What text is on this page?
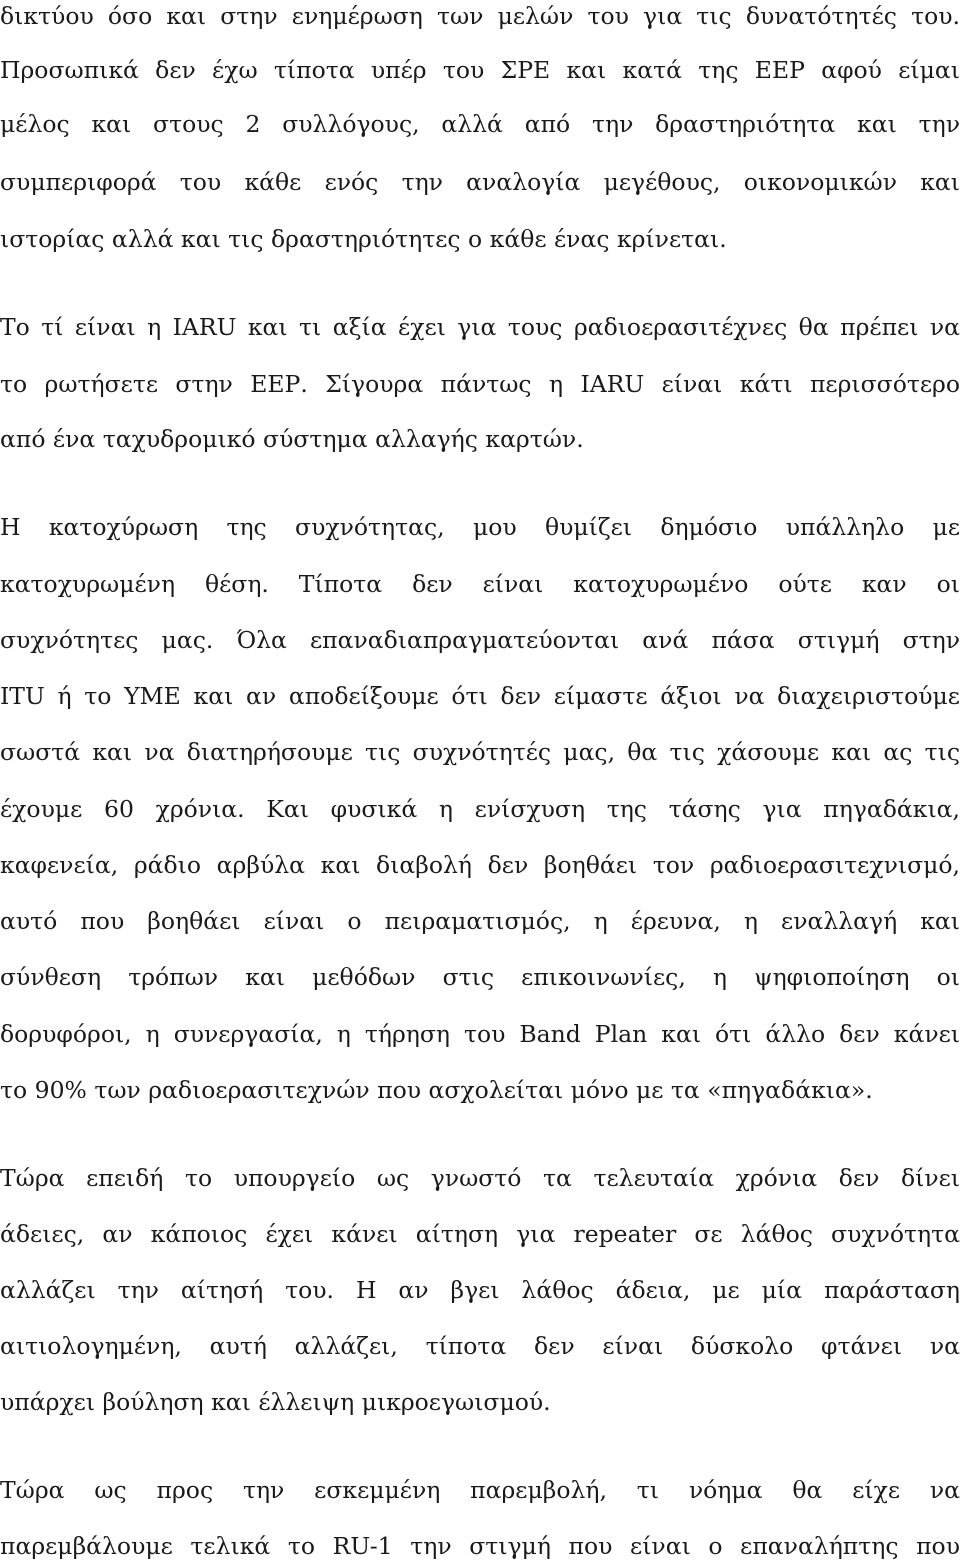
δικτύου όσο και στην ενημέρωση των μελών του για τις δυνατότητές του.
Προσωπικά δεν έχω τίποτα υπέρ του ΣΡΕ και κατά της ΕΕΡ αφού είμαι
μέλος και στους 2 συλλόγους, αλλά από την δραστηριότητα και την
συμπεριφορά του κάθε ενός την αναλογία μεγέθους, οικονομικών και
ιστορίας αλλά και τις δραστηριότητες ο κάθε ένας κρίνεται.
Το τί είναι η IARU και τι αξία έχει για τους ραδιοερασιτέχνες θα πρέπει να
το ρωτήσετε στην ΕΕΡ. Σίγουρα πάντως η IARU είναι κάτι περισσότερο
από ένα ταχυδρομικό σύστημα αλλαγής καρτών.
Η κατοχύρωση της συχνότητας, μου θυμίζει δημόσιο υπάλληλο με
κατοχυρωμένη θέση. Τίποτα δεν είναι κατοχυρωμένο ούτε καν οι
συχνότητες μας. Όλα επαναδιαπραγματεύονται ανά πάσα στιγμή στην
ITU ή το ΥΜΕ και αν αποδείξουμε ότι δεν είμαστε άξιοι να διαχειριστούμε
σωστά και να διατηρήσουμε τις συχνότητές μας, θα τις χάσουμε και ας τις
έχουμε 60 χρόνια. Και φυσικά η ενίσχυση της τάσης για πηγαδάκια,
καφενεία, ράδιο αρβύλα και διαβολή δεν βοηθάει τον ραδιοερασιτεχνισμό,
αυτό που βοηθάει είναι ο πειραματισμός, η έρευνα, η εναλλαγή και
σύνθεση τρόπων και μεθόδων στις επικοινωνίες, η ψηφιοποίηση οι
δορυφόροι, η συνεργασία, η τήρηση του Band Plan και ότι άλλο δεν κάνει
το 90% των ραδιοερασιτεχνών που ασχολείται μόνο με τα «πηγαδάκια».
Τώρα επειδή το υπουργείο ως γνωστό τα τελευταία χρόνια δεν δίνει
άδειες, αν κάποιος έχει κάνει αίτηση για repeater σε λάθος συχνότητα
αλλάζει την αίτησή του. Η αν βγει λάθος άδεια, με μία παράσταση
αιτιολογημένη, αυτή αλλάζει, τίποτα δεν είναι δύσκολο φτάνει να
υπάρχει βούληση και έλλειψη μικροεγωισμού.
Τώρα ως προς την εσκεμμένη παρεμβολή, τι νόημα θα είχε να
παρεμβάλουμε τελικά το RU-1 την στιγμή που είναι ο επαναλήπτης που
